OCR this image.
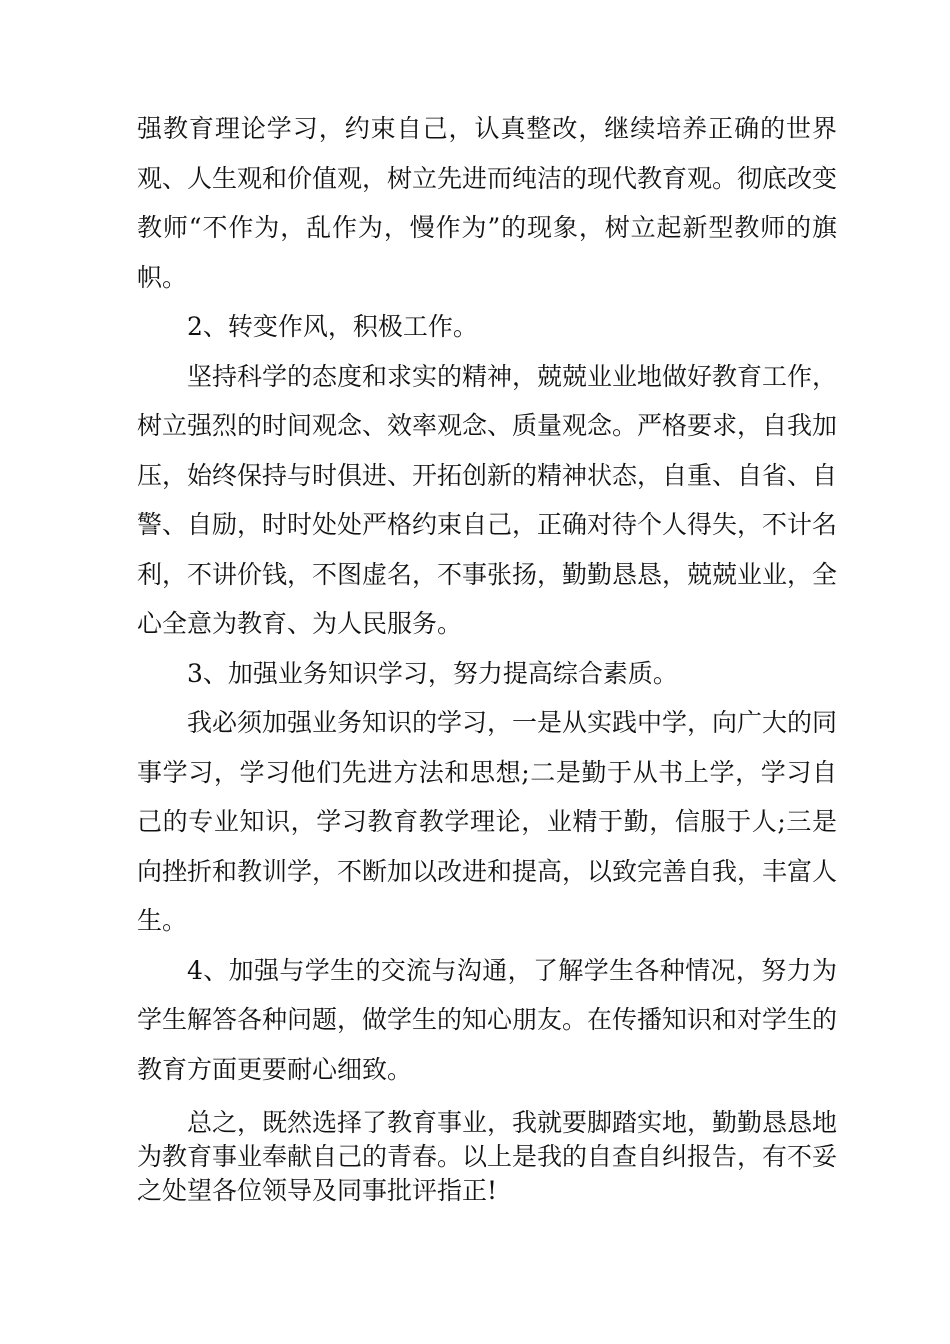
强教育理论学习，约束自己，认真整改，继续培养正确的世界观、人生观和价值观，树立先进而纯洁的现代教育观。彻底改变教师“不作为，乱作为，慢作为”的现象，树立起新型教师的旗帜。

2、转变作风，积极工作。

坚持科学的态度和求实的精神，兢兢业业地做好教育工作，树立强烈的时间观念、效率观念、质量观念。严格要求，自我加压，始终保持与时俱进、开拓创新的精神状态，自重、自省、自警、自励，时时处处严格约束自己，正确对待个人得失，不计名利，不讲价钱，不图虚名，不事张扬，勤勤恳恳，兢兢业业，全心全意为教育、为人民服务。

3、加强业务知识学习，努力提高综合素质。

我必须加强业务知识的学习，一是从实践中学，向广大的同事学习，学习他们先进方法和思想;二是勤于从书上学，学习自己的专业知识，学习教育教学理论，业精于勤，信服于人;三是向挫折和教训学，不断加以改进和提高，以致完善自我，丰富人生。

4、加强与学生的交流与沟通，了解学生各种情况，努力为学生解答各种问题，做学生的知心朋友。在传播知识和对学生的教育方面更要耐心细致。

总之，既然选择了教育事业，我就要脚踏实地，勤勤恳恳地为教育事业奉献自己的青春。以上是我的自查自纠报告，有不妥之处望各位领导及同事批评指正!
